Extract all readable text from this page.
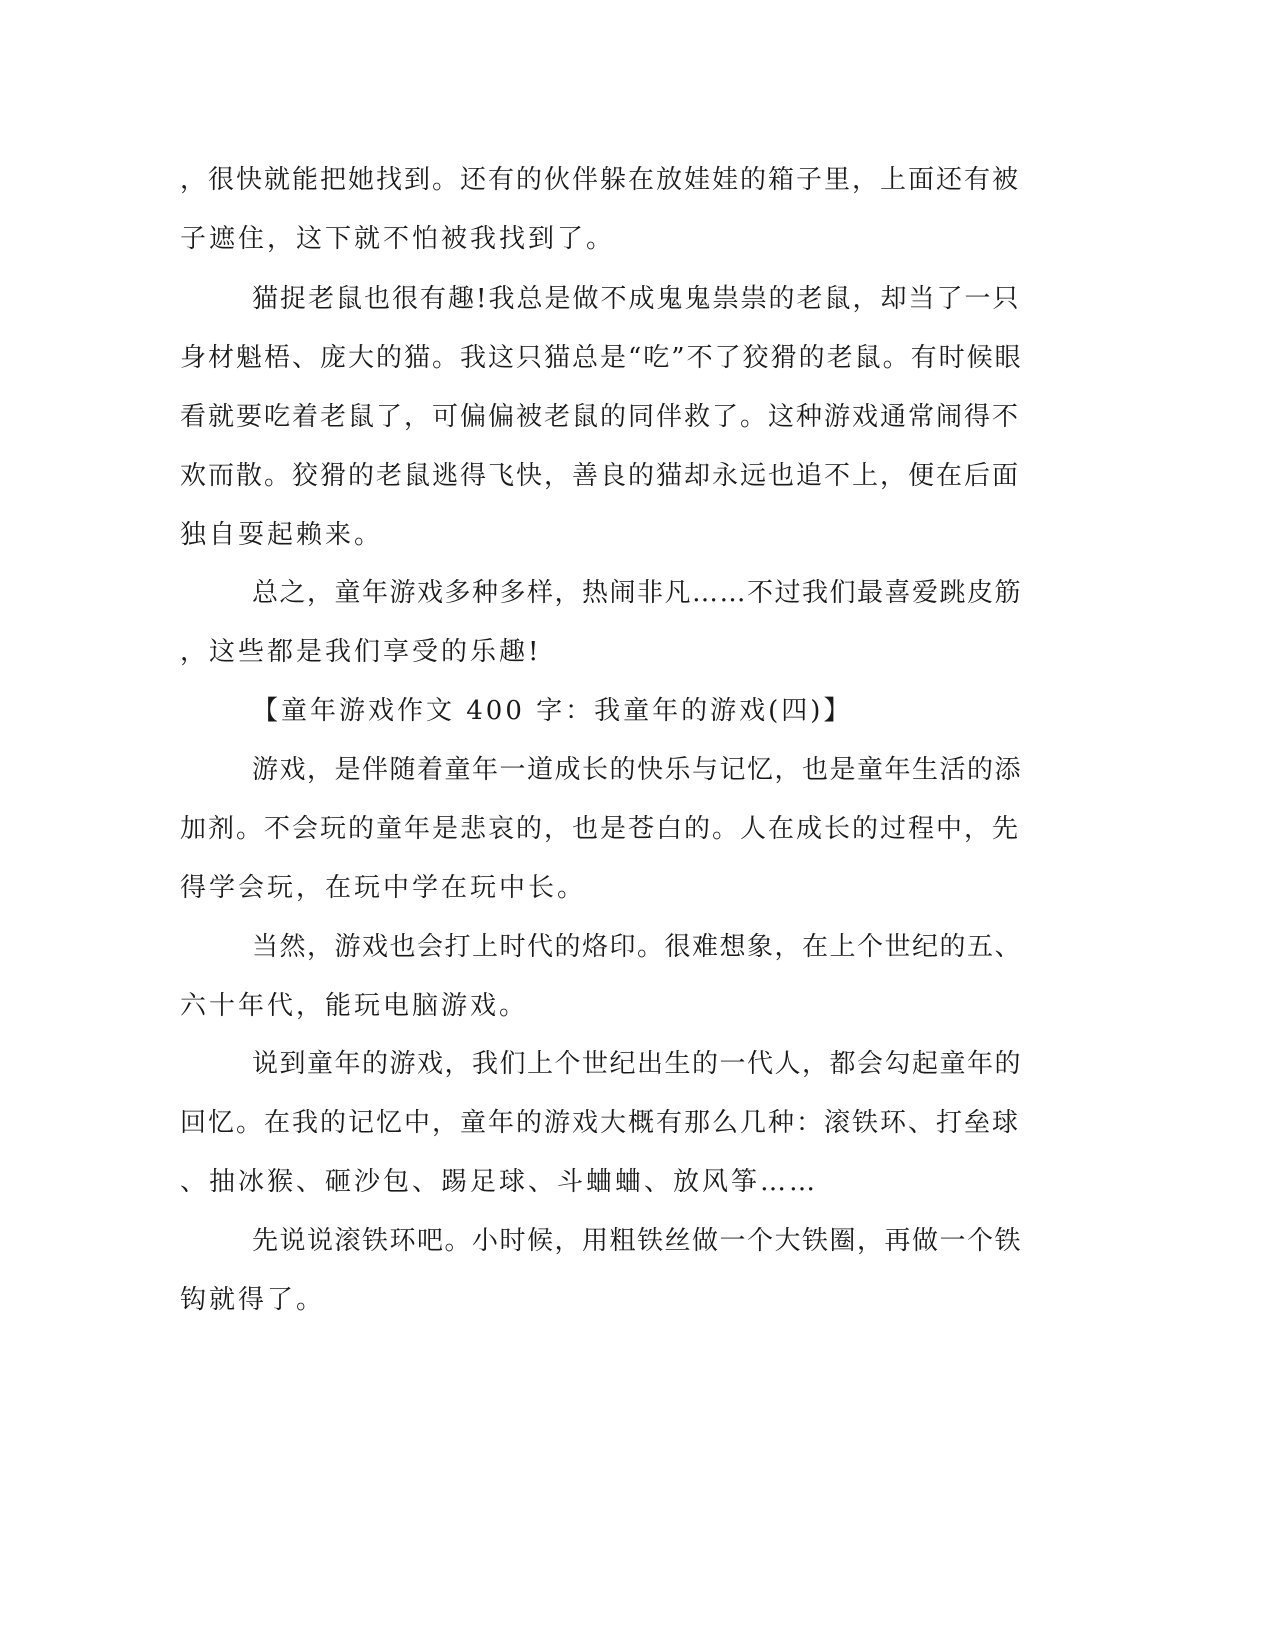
，很快就能把她找到。还有的伙伴躲在放娃娃的箱子里，上面还有被
子遮住，这下就不怕被我找到了。
猫捉老鼠也很有趣!我总是做不成鬼鬼祟祟的老鼠，却当了一只
身材魁梧、庞大的猫。我这只猫总是“吃”不了狡猾的老鼠。有时候眼
看就要吃着老鼠了，可偏偏被老鼠的同伴救了。这种游戏通常闹得不
欢而散。狡猾的老鼠逃得飞快，善良的猫却永远也追不上，便在后面
独自耍起赖来。
总之，童年游戏多种多样，热闹非凡……不过我们最喜爱跳皮筋
，这些都是我们享受的乐趣!
【童年游戏作文 400 字：我童年的游戏(四)】
游戏，是伴随着童年一道成长的快乐与记忆，也是童年生活的添
加剂。不会玩的童年是悲哀的，也是苍白的。人在成长的过程中，先
得学会玩，在玩中学在玩中长。
当然，游戏也会打上时代的烙印。很难想象，在上个世纪的五、
六十年代，能玩电脑游戏。
说到童年的游戏，我们上个世纪出生的一代人，都会勾起童年的
回忆。在我的记忆中，童年的游戏大概有那么几种：滚铁环、打垒球
、抽冰猴、砸沙包、踢足球、斗蛐蛐、放风筝……
先说说滚铁环吧。小时候，用粗铁丝做一个大铁圈，再做一个铁
钩就得了。
